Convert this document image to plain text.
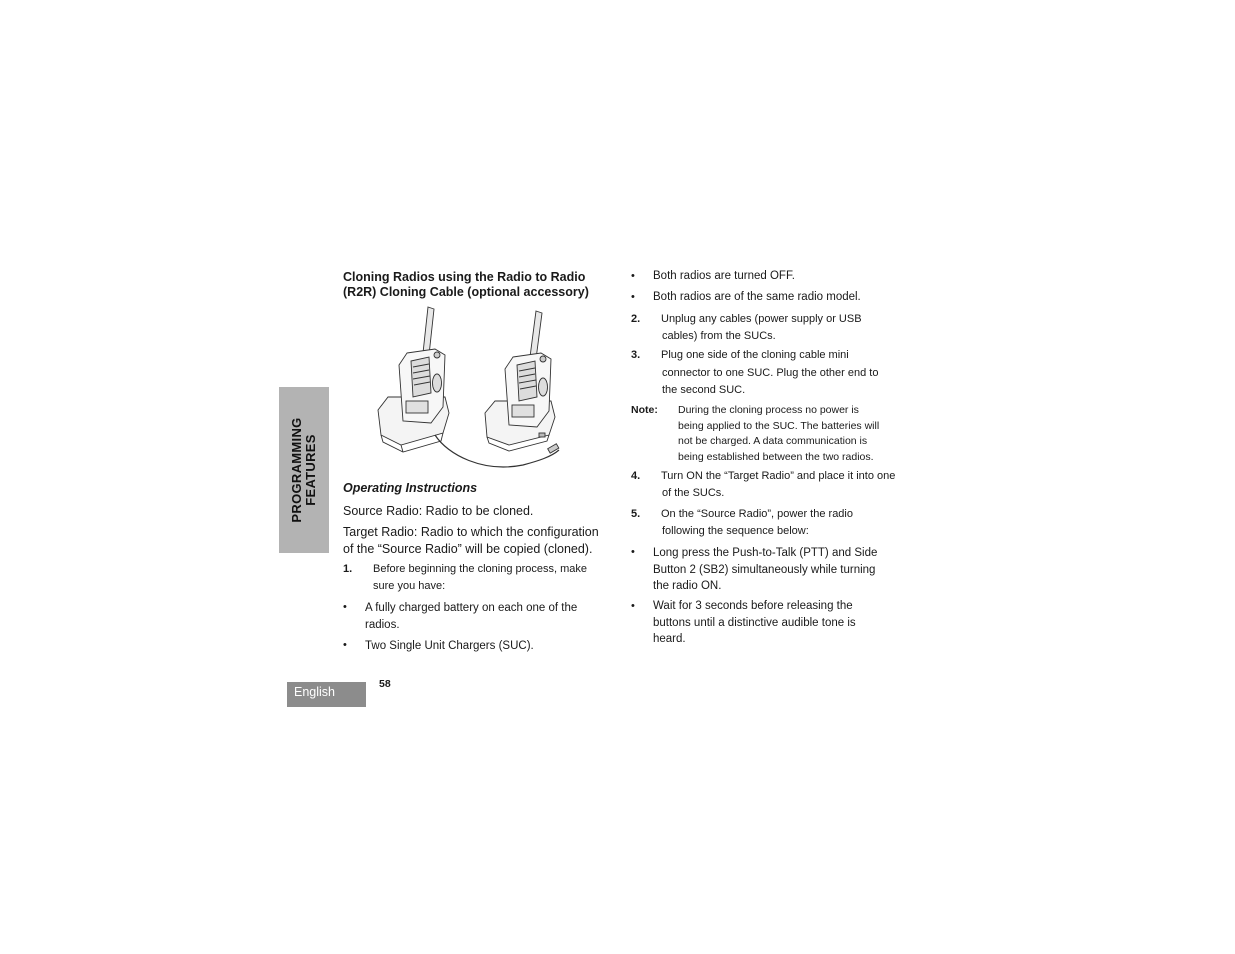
PROGRAMMING FEATURES
Cloning Radios using the Radio to Radio
(R2R) Cloning Cable (optional accessory)
Operating Instructions
Source Radio: Radio to be cloned.
Target Radio: Radio to which the configuration
of the “Source Radio” will be copied (cloned).
1. Before beginning the cloning process, make
sure you have:
• A fully charged battery on each one of the
radios.
• Two Single Unit Chargers (SUC).
• Both radios are turned OFF.
• Both radios are of the same radio model.
2. Unplug any cables (power supply or USB
cables) from the SUCs.
3. Plug one side of the cloning cable mini
connector to one SUC. Plug the other end to
the second SUC.
Note: During the cloning process no power is
being applied to the SUC. The batteries will
not be charged. A data communication is
being established between the two radios.
4. Turn ON the “Target Radio” and place it into one
of the SUCs.
5. On the “Source Radio”, power the radio
following the sequence below:
• Long press the Push-to-Talk (PTT) and Side
Button 2 (SB2) simultaneously while turning
the radio ON.
• Wait for 3 seconds before releasing the
buttons until a distinctive audible tone is
heard.
English
58
